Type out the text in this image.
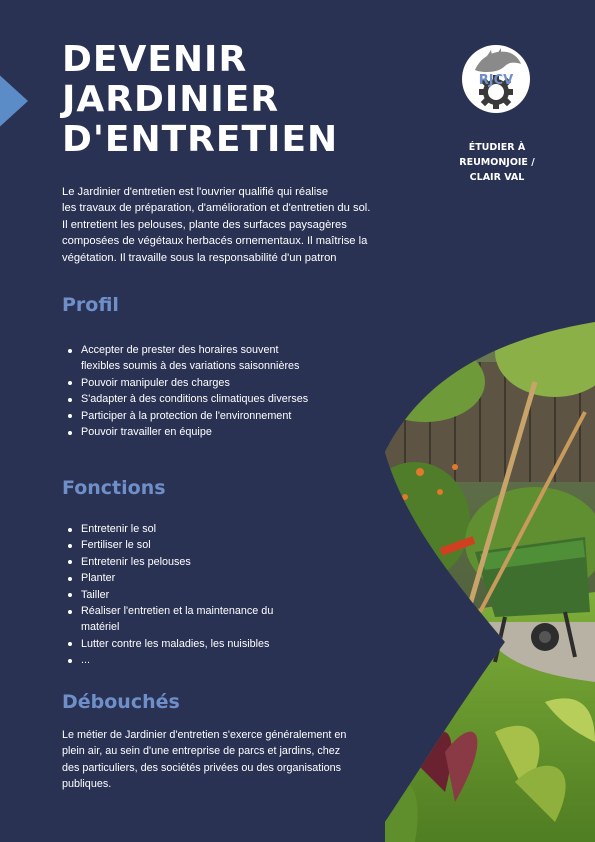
DEVENIR
JARDINIER
D'ENTRETIEN
RJCV
ÉTUDIER À
REUMONJOIE /
CLAIR VAL
Le Jardinier d'entretien est l'ouvrier qualifié qui réalise
les travaux de préparation, d'amélioration et d'entretien du sol.
Il entretient les pelouses, plante des surfaces paysagères
composées de végétaux herbacés ornementaux. Il maîtrise la
végétation. Il travaille sous la responsabilité d'un patron
Profil
Accepter de prester des horaires souvent
flexibles soumis à des variations saisonnières
Pouvoir manipuler des charges
S'adapter à des conditions climatiques diverses
Participer à la protection de l'environnement
Pouvoir travailler en équipe
Fonctions
Entretenir le sol
Fertiliser le sol
Entretenir les pelouses
Planter
Tailler
Réaliser l'entretien et la maintenance du
matériel
Lutter contre les maladies, les nuisibles
...
Débouchés
Le métier de Jardinier d'entretien s'exerce généralement en
plein air, au sein d'une entreprise de parcs et jardins, chez
des particuliers, des sociétés privées ou des organisations
publiques.
